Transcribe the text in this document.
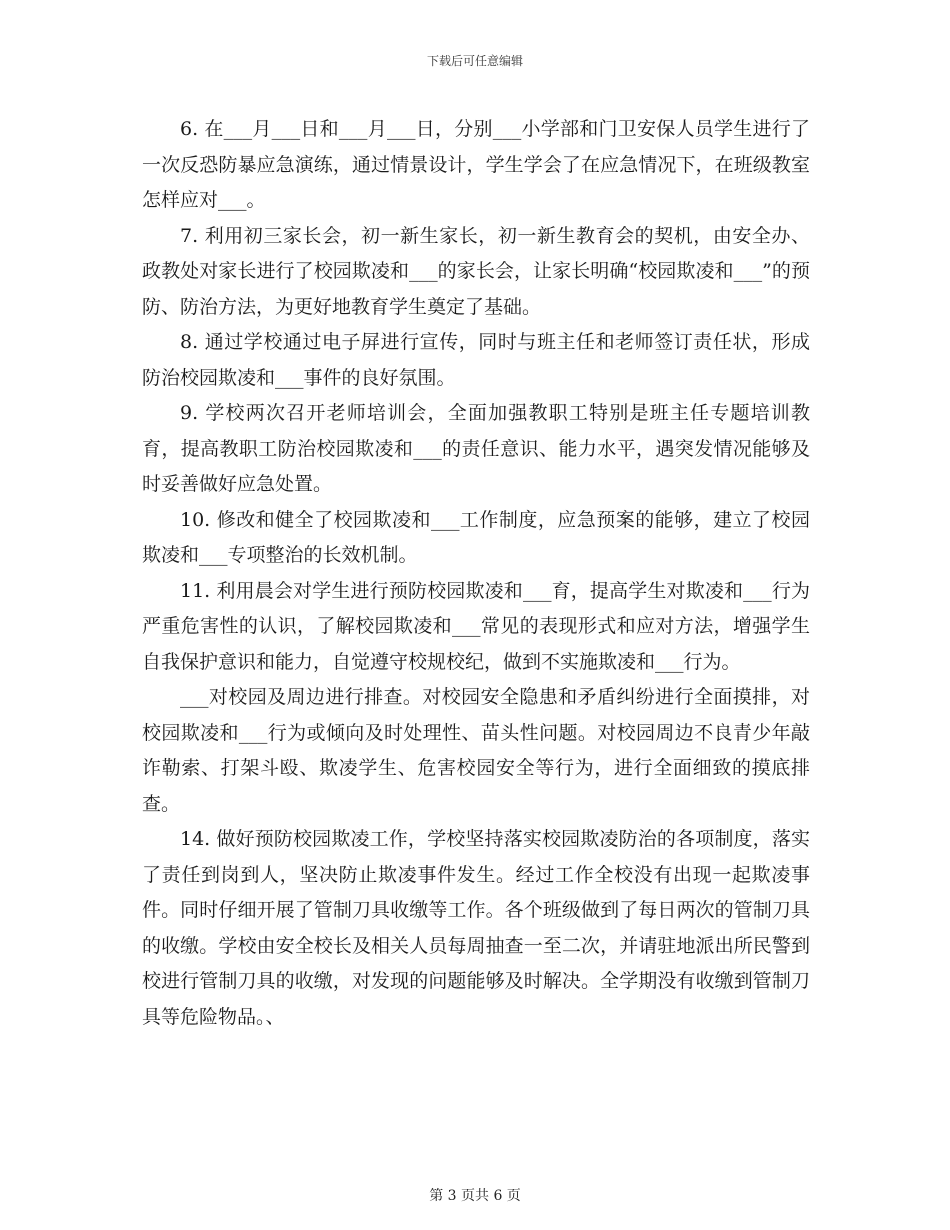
下载后可任意编辑

6. 在___月___日和___月___日，分别___小学部和门卫安保人员学生进行了一次反恐防暴应急演练，通过情景设计，学生学会了在应急情况下，在班级教室怎样应对___。

7. 利用初三家长会，初一新生家长，初一新生教育会的契机，由安全办、政教处对家长进行了校园欺凌和___的家长会，让家长明确“校园欺凌和___”的预防、防治方法，为更好地教育学生奠定了基础。

8. 通过学校通过电子屏进行宣传，同时与班主任和老师签订责任状，形成防治校园欺凌和___事件的良好氛围。

9. 学校两次召开老师培训会，全面加强教职工特别是班主任专题培训教育，提高教职工防治校园欺凌和___的责任意识、能力水平，遇突发情况能够及时妥善做好应急处置。

10. 修改和健全了校园欺凌和___工作制度，应急预案的能够，建立了校园欺凌和___专项整治的长效机制。

11. 利用晨会对学生进行预防校园欺凌和___育，提高学生对欺凌和___行为严重危害性的认识，了解校园欺凌和___常见的表现形式和应对方法，增强学生自我保护意识和能力，自觉遵守校规校纪，做到不实施欺凌和___行为。

___对校园及周边进行排查。对校园安全隐患和矛盾纠纷进行全面摸排，对校园欺凌和___行为或倾向及时处理性、苗头性问题。对校园周边不良青少年敲诈勒索、打架斗殴、欺凌学生、危害校园安全等行为，进行全面细致的摸底排查。

14. 做好预防校园欺凌工作，学校坚持落实校园欺凌防治的各项制度，落实了责任到岗到人，坚决防止欺凌事件发生。经过工作全校没有出现一起欺凌事件。同时仔细开展了管制刀具收缴等工作。各个班级做到了每日两次的管制刀具的收缴。学校由安全校长及相关人员每周抽查一至二次，并请驻地派出所民警到校进行管制刀具的收缴，对发现的问题能够及时解决。全学期没有收缴到管制刀具等危险物品。、

第 3 页共 6 页
